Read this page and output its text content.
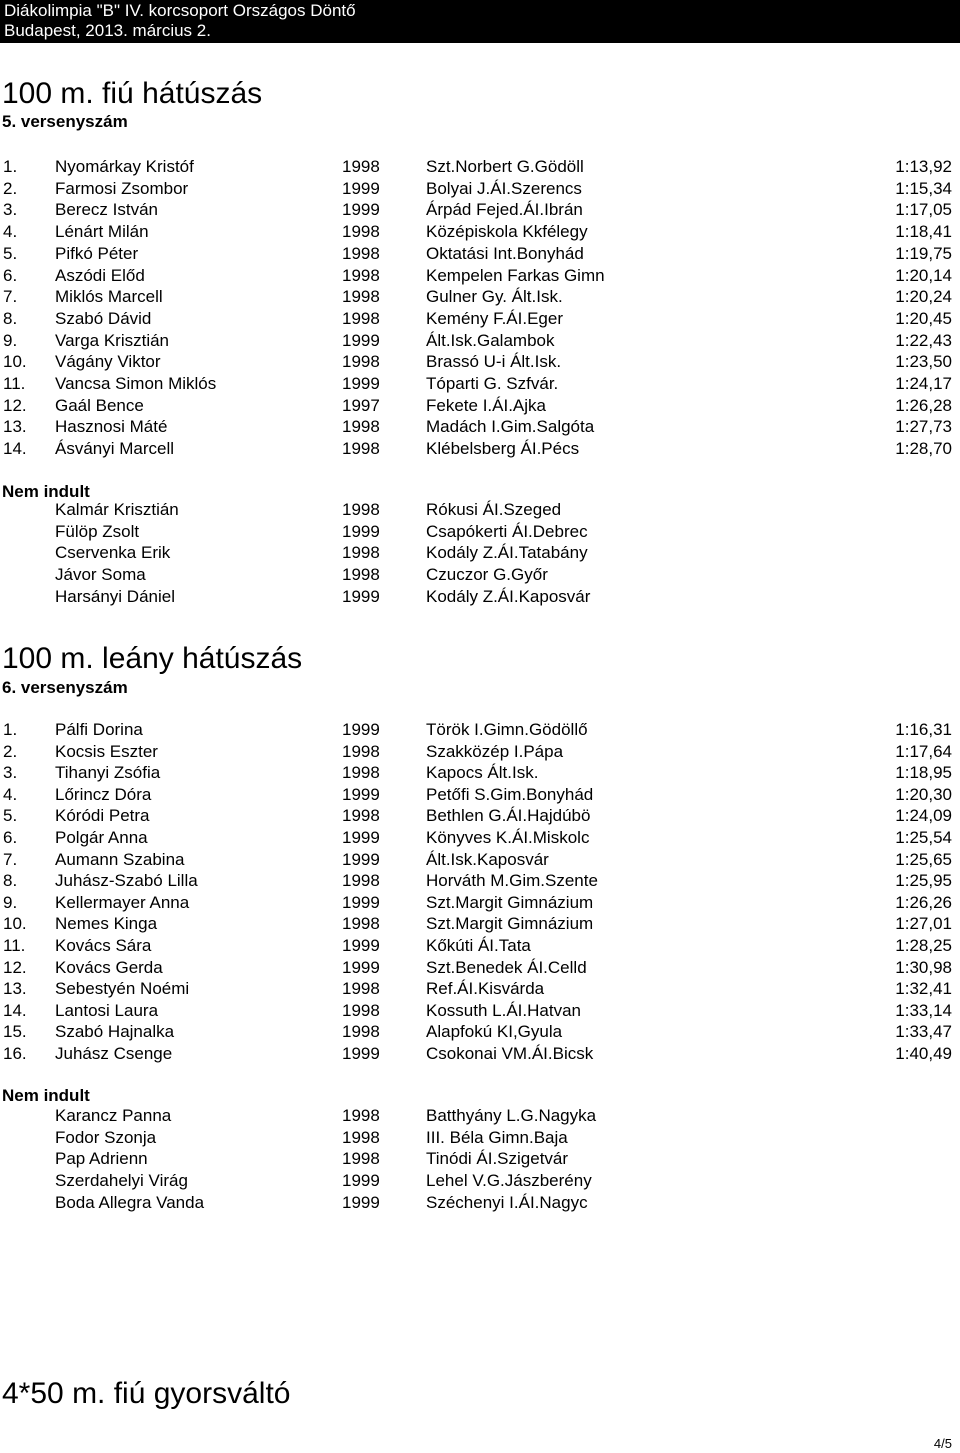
Diákolimpia "B" IV. korcsoport Országos Döntő
Budapest, 2013. március 2.
100 m. fiú hátúszás
5. versenyszám
1. Nyomárkay Kristóf	1998	Szt.Norbert G.Gödöll	1:13,92
2. Farmosi Zsombor	1999	Bolyai J.ÁI.Szerencs	1:15,34
3. Berecz István	1999	Árpád Fejed.ÁI.Ibrán	1:17,05
4. Lénárt Milán	1998	Középiskola Kkfélegy	1:18,41
5. Pifkó Péter	1998	Oktatási Int.Bonyhád	1:19,75
6. Aszódi Előd	1998	Kempelen Farkas Gimn	1:20,14
7. Miklós Marcell	1998	Gulner Gy. Ált.Isk.	1:20,24
8. Szabó Dávid	1998	Kemény F.ÁI.Eger	1:20,45
9. Varga Krisztián	1999	Ált.Isk.Galambok	1:22,43
10. Vágány Viktor	1998	Brassó U-i Ált.Isk.	1:23,50
11. Vancsa Simon Miklós	1999	Tóparti G. Szfvár.	1:24,17
12. Gaál Bence	1997	Fekete I.ÁI.Ajka	1:26,28
13. Hasznosi Máté	1998	Madách I.Gim.Salgóta	1:27,73
14. Ásványi Marcell	1998	Klébelsberg ÁI.Pécs	1:28,70
Nem indult
Kalmár Krisztián	1998	Rókusi ÁI.Szeged
Fülöp Zsolt	1999	Csapókerti ÁI.Debrec
Cservenka Erik	1998	Kodály Z.ÁI.Tatabány
Jávor Soma	1998	Czuczor G.Győr
Harsányi Dániel	1999	Kodály Z.ÁI.Kaposvár
100 m. leány hátúszás
6. versenyszám
1. Pálfi Dorina	1999	Török I.Gimn.Gödöllő	1:16,31
2. Kocsis Eszter	1998	Szakközép I.Pápa	1:17,64
3. Tihanyi Zsófia	1998	Kapocs Ált.Isk.	1:18,95
4. Lőrincz Dóra	1999	Petőfi S.Gim.Bonyhád	1:20,30
5. Kóródi Petra	1998	Bethlen G.ÁI.Hajdúbö	1:24,09
6. Polgár Anna	1999	Könyves K.ÁI.Miskolc	1:25,54
7. Aumann Szabina	1999	Ált.Isk.Kaposvár	1:25,65
8. Juhász-Szabó Lilla	1998	Horváth M.Gim.Szente	1:25,95
9. Kellermayer Anna	1999	Szt.Margit Gimnázium	1:26,26
10. Nemes Kinga	1998	Szt.Margit Gimnázium	1:27,01
11. Kovács Sára	1999	Kőkúti ÁI.Tata	1:28,25
12. Kovács Gerda	1999	Szt.Benedek ÁI.Celld	1:30,98
13. Sebestyén Noémi	1998	Ref.ÁI.Kisvárda	1:32,41
14. Lantosi Laura	1998	Kossuth L.ÁI.Hatvan	1:33,14
15. Szabó Hajnalka	1998	Alapfokú KI,Gyula	1:33,47
16. Juhász Csenge	1999	Csokonai VM.ÁI.Bicsk	1:40,49
Nem indult
Karancz Panna	1998	Batthyány L.G.Nagyka
Fodor Szonja	1998	III. Béla Gimn.Baja
Pap Adrienn	1998	Tinódi ÁI.Szigetvár
Szerdahelyi Virág	1999	Lehel V.G.Jászberény
Boda Allegra Vanda	1999	Széchenyi I.ÁI.Nagyc
4*50 m. fiú gyorsváltó
4/5
